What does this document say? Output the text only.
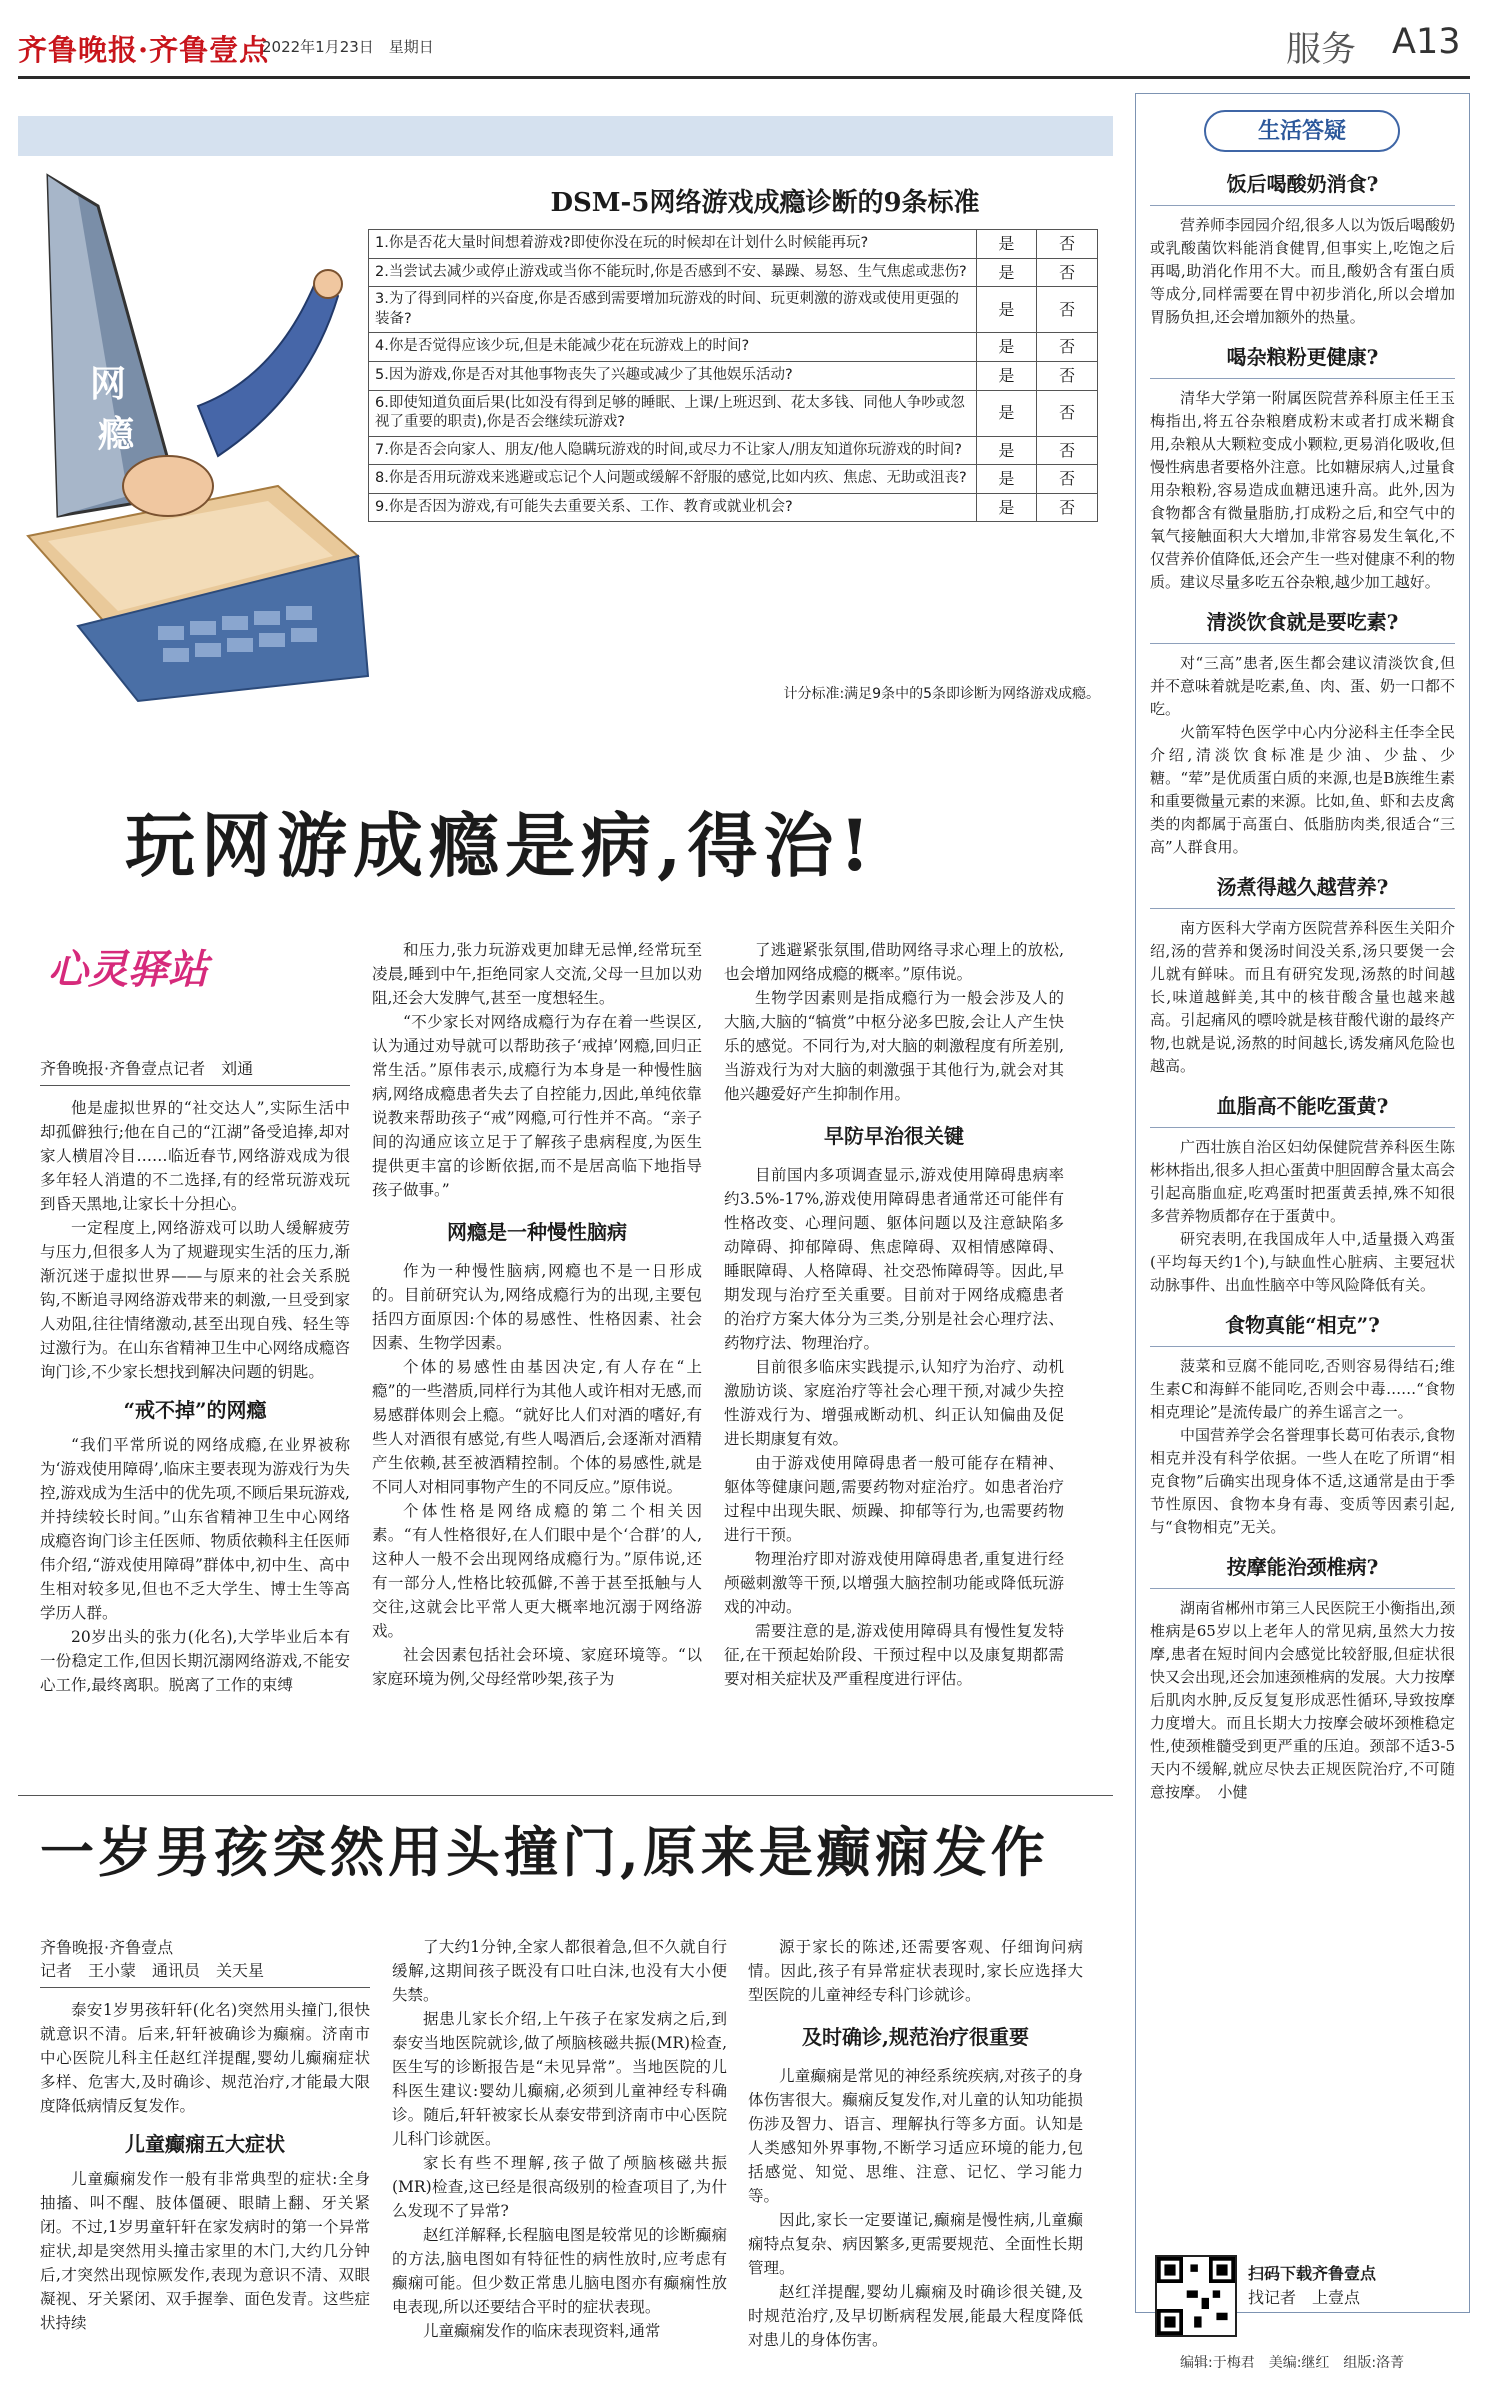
齐鲁晚报·齐鲁壹点
2022年1月23日　星期日	服务 A13
网
瘾
DSM-5网络游戏成瘾诊断的9条标准
1.你是否花大量时间想着游戏?即使你没在玩的时候却在计划什么时候能再玩?	是	否
2.当尝试去减少或停止游戏或当你不能玩时,你是否感到不安、暴躁、易怒、生气焦虑或悲伤?	是	否
3.为了得到同样的兴奋度,你是否感到需要增加玩游戏的时间、玩更刺激的游戏或使用更强的装备?	是	否
4.你是否觉得应该少玩,但是未能减少花在玩游戏上的时间?	是	否
5.因为游戏,你是否对其他事物丧失了兴趣或减少了其他娱乐活动?	是	否
6.即使知道负面后果(比如没有得到足够的睡眠、上课/上班迟到、花太多钱、同他人争吵或忽视了重要的职责),你是否会继续玩游戏?	是	否
7.你是否会向家人、朋友/他人隐瞒玩游戏的时间,或尽力不让家人/朋友知道你玩游戏的时间?	是	否
8.你是否用玩游戏来逃避或忘记个人问题或缓解不舒服的感觉,比如内疚、焦虑、无助或沮丧?	是	否
9.你是否因为游戏,有可能失去重要关系、工作、教育或就业机会?	是	否
计分标准:满足9条中的5条即诊断为网络游戏成瘾。
玩网游成瘾是病,得治!
心灵驿站
齐鲁晚报·齐鲁壹点记者　刘通

他是虚拟世界的“社交达人”,实际生活中却孤僻独行;他在自己的“江湖”备受追捧,却对家人横眉冷目……临近春节,网络游戏成为很多年轻人消遣的不二选择,有的经常玩游戏玩到昏天黑地,让家长十分担心。

一定程度上,网络游戏可以助人缓解疲劳与压力,但很多人为了规避现实生活的压力,渐渐沉迷于虚拟世界——与原来的社会关系脱钩,不断追寻网络游戏带来的刺激,一旦受到家人劝阻,往往情绪激动,甚至出现自残、轻生等过激行为。在山东省精神卫生中心网络成瘾咨询门诊,不少家长想找到解决问题的钥匙。

“戒不掉”的网瘾

“我们平常所说的网络成瘾,在业界被称为‘游戏使用障碍’,临床主要表现为游戏行为失控,游戏成为生活中的优先项,不顾后果玩游戏,并持续较长时间。”山东省精神卫生中心网络成瘾咨询门诊主任医师、物质依赖科主任医师伟介绍,“游戏使用障碍”群体中,初中生、高中生相对较多见,但也不乏大学生、博士生等高学历人群。

20岁出头的张力(化名),大学毕业后本有一份稳定工作,但因长期沉溺网络游戏,不能安心工作,最终离职。脱离了工作的束缚

和压力,张力玩游戏更加肆无忌惮,经常玩至凌晨,睡到中午,拒绝同家人交流,父母一旦加以劝阻,还会大发脾气,甚至一度想轻生。

“不少家长对网络成瘾行为存在着一些误区,认为通过劝导就可以帮助孩子‘戒掉’网瘾,回归正常生活。”原伟表示,成瘾行为本身是一种慢性脑病,网络成瘾患者失去了自控能力,因此,单纯依靠说教来帮助孩子“戒”网瘾,可行性并不高。“亲子间的沟通应该立足于了解孩子患病程度,为医生提供更丰富的诊断依据,而不是居高临下地指导孩子做事。”

网瘾是一种慢性脑病

作为一种慢性脑病,网瘾也不是一日形成的。目前研究认为,网络成瘾行为的出现,主要包括四方面原因:个体的易感性、性格因素、社会因素、生物学因素。

个体的易感性由基因决定,有人存在“上瘾”的一些潜质,同样行为其他人或许相对无感,而易感群体则会上瘾。“就好比人们对酒的嗜好,有些人对酒很有感觉,有些人喝酒后,会逐渐对酒精产生依赖,甚至被酒精控制。个体的易感性,就是不同人对相同事物产生的不同反应。”原伟说。

个体性格是网络成瘾的第二个相关因素。“有人性格很好,在人们眼中是个‘合群’的人,这种人一般不会出现网络成瘾行为。”原伟说,还有一部分人,性格比较孤僻,不善于甚至抵触与人交往,这就会比平常人更大概率地沉溺于网络游戏。

社会因素包括社会环境、家庭环境等。“以家庭环境为例,父母经常吵架,孩子为

了逃避紧张氛围,借助网络寻求心理上的放松,也会增加网络成瘾的概率。”原伟说。

生物学因素则是指成瘾行为一般会涉及人的大脑,大脑的“犒赏”中枢分泌多巴胺,会让人产生快乐的感觉。不同行为,对大脑的刺激程度有所差别,当游戏行为对大脑的刺激强于其他行为,就会对其他兴趣爱好产生抑制作用。

早防早治很关键

目前国内多项调查显示,游戏使用障碍患病率约3.5%-17%,游戏使用障碍患者通常还可能伴有性格改变、心理问题、躯体问题以及注意缺陷多动障碍、抑郁障碍、焦虑障碍、双相情感障碍、睡眠障碍、人格障碍、社交恐怖障碍等。因此,早期发现与治疗至关重要。目前对于网络成瘾患者的治疗方案大体分为三类,分别是社会心理疗法、药物疗法、物理治疗。

目前很多临床实践提示,认知疗为治疗、动机激励访谈、家庭治疗等社会心理干预,对减少失控性游戏行为、增强戒断动机、纠正认知偏曲及促进长期康复有效。

由于游戏使用障碍患者一般可能存在精神、躯体等健康问题,需要药物对症治疗。如患者治疗过程中出现失眠、烦躁、抑郁等行为,也需要药物进行干预。

物理治疗即对游戏使用障碍患者,重复进行经颅磁刺激等干预,以增强大脑控制功能或降低玩游戏的冲动。

需要注意的是,游戏使用障碍具有慢性复发特征,在干预起始阶段、干预过程中以及康复期都需要对相关症状及严重程度进行评估。

一岁男孩突然用头撞门,原来是癫痫发作
齐鲁晚报·齐鲁壹点
记者　王小蒙　通讯员　关天星

泰安1岁男孩轩轩(化名)突然用头撞门,很快就意识不清。后来,轩轩被确诊为癫痫。济南市中心医院儿科主任赵红洋提醒,婴幼儿癫痫症状多样、危害大,及时确诊、规范治疗,才能最大限度降低病情反复发作。

儿童癫痫五大症状

儿童癫痫发作一般有非常典型的症状:全身抽搐、叫不醒、肢体僵硬、眼睛上翻、牙关紧闭。不过,1岁男童轩轩在家发病时的第一个异常症状,却是突然用头撞击家里的木门,大约几分钟后,才突然出现惊厥发作,表现为意识不清、双眼凝视、牙关紧闭、双手握拳、面色发青。这些症状持续

了大约1分钟,全家人都很着急,但不久就自行缓解,这期间孩子既没有口吐白沫,也没有大小便失禁。

据患儿家长介绍,上午孩子在家发病之后,到泰安当地医院就诊,做了颅脑核磁共振(MR)检查,医生写的诊断报告是“未见异常”。当地医院的儿科医生建议:婴幼儿癫痫,必须到儿童神经专科确诊。随后,轩轩被家长从泰安带到济南市中心医院儿科门诊就医。

家长有些不理解,孩子做了颅脑核磁共振(MR)检查,这已经是很高级别的检查项目了,为什么发现不了异常?

赵红洋解释,长程脑电图是较常见的诊断癫痫的方法,脑电图如有特征性的病性放时,应考虑有癫痫可能。但少数正常患儿脑电图亦有癫痫性放电表现,所以还要结合平时的症状表现。

儿童癫痫发作的临床表现资料,通常

源于家长的陈述,还需要客观、仔细询问病情。因此,孩子有异常症状表现时,家长应选择大型医院的儿童神经专科门诊就诊。

及时确诊,规范治疗很重要

儿童癫痫是常见的神经系统疾病,对孩子的身体伤害很大。癫痫反复发作,对儿童的认知功能损伤涉及智力、语言、理解执行等多方面。认知是人类感知外界事物,不断学习适应环境的能力,包括感觉、知觉、思维、注意、记忆、学习能力等。

因此,家长一定要谨记,癫痫是慢性病,儿童癫痫特点复杂、病因繁多,更需要规范、全面性长期管理。

赵红洋提醒,婴幼儿癫痫及时确诊很关键,及时规范治疗,及早切断病程发展,能最大程度降低对患儿的身体伤害。

生活答疑
饭后喝酸奶消食?

营养师李园园介绍,很多人以为饭后喝酸奶或乳酸菌饮料能消食健胃,但事实上,吃饱之后再喝,助消化作用不大。而且,酸奶含有蛋白质等成分,同样需要在胃中初步消化,所以会增加胃肠负担,还会增加额外的热量。

喝杂粮粉更健康?

清华大学第一附属医院营养科原主任王玉梅指出,将五谷杂粮磨成粉末或者打成米糊食用,杂粮从大颗粒变成小颗粒,更易消化吸收,但慢性病患者要格外注意。比如糖尿病人,过量食用杂粮粉,容易造成血糖迅速升高。此外,因为食物都含有微量脂肪,打成粉之后,和空气中的氧气接触面积大大增加,非常容易发生氧化,不仅营养价值降低,还会产生一些对健康不利的物质。建议尽量多吃五谷杂粮,越少加工越好。

清淡饮食就是要吃素?

对“三高”患者,医生都会建议清淡饮食,但并不意味着就是吃素,鱼、肉、蛋、奶一口都不吃。

火箭军特色医学中心内分泌科主任李全民介绍,清淡饮食标准是少油、少盐、少糖。“荤”是优质蛋白质的来源,也是B族维生素和重要微量元素的来源。比如,鱼、虾和去皮禽类的肉都属于高蛋白、低脂肪肉类,很适合“三高”人群食用。

汤煮得越久越营养?

南方医科大学南方医院营养科医生关阳介绍,汤的营养和煲汤时间没关系,汤只要煲一会儿就有鲜味。而且有研究发现,汤熬的时间越长,味道越鲜美,其中的核苷酸含量也越来越高。引起痛风的嘌呤就是核苷酸代谢的最终产物,也就是说,汤熬的时间越长,诱发痛风危险也越高。

血脂高不能吃蛋黄?

广西壮族自治区妇幼保健院营养科医生陈彬林指出,很多人担心蛋黄中胆固醇含量太高会引起高脂血症,吃鸡蛋时把蛋黄丢掉,殊不知很多营养物质都存在于蛋黄中。

研究表明,在我国成年人中,适量摄入鸡蛋(平均每天约1个),与缺血性心脏病、主要冠状动脉事件、出血性脑卒中等风险降低有关。

食物真能“相克”?

菠菜和豆腐不能同吃,否则容易得结石;维生素C和海鲜不能同吃,否则会中毒……“食物相克理论”是流传最广的养生谣言之一。

中国营养学会名誉理事长葛可佑表示,食物相克并没有科学依据。一些人在吃了所谓“相克食物”后确实出现身体不适,这通常是由于季节性原因、食物本身有毒、变质等因素引起,与“食物相克”无关。

按摩能治颈椎病?

湖南省郴州市第三人民医院王小衡指出,颈椎病是65岁以上老年人的常见病,虽然大力按摩,患者在短时间内会感觉比较舒服,但症状很快又会出现,还会加速颈椎病的发展。大力按摩后肌肉水肿,反反复复形成恶性循环,导致按摩力度增大。而且长期大力按摩会破坏颈椎稳定性,使颈椎髓受到更严重的压迫。颈部不适3-5天内不缓解,就应尽快去正规医院治疗,不可随意按摩。　小健

扫码下载齐鲁壹点
找记者　上壹点
编辑:于梅君　美编:继红　组版:洛菁
